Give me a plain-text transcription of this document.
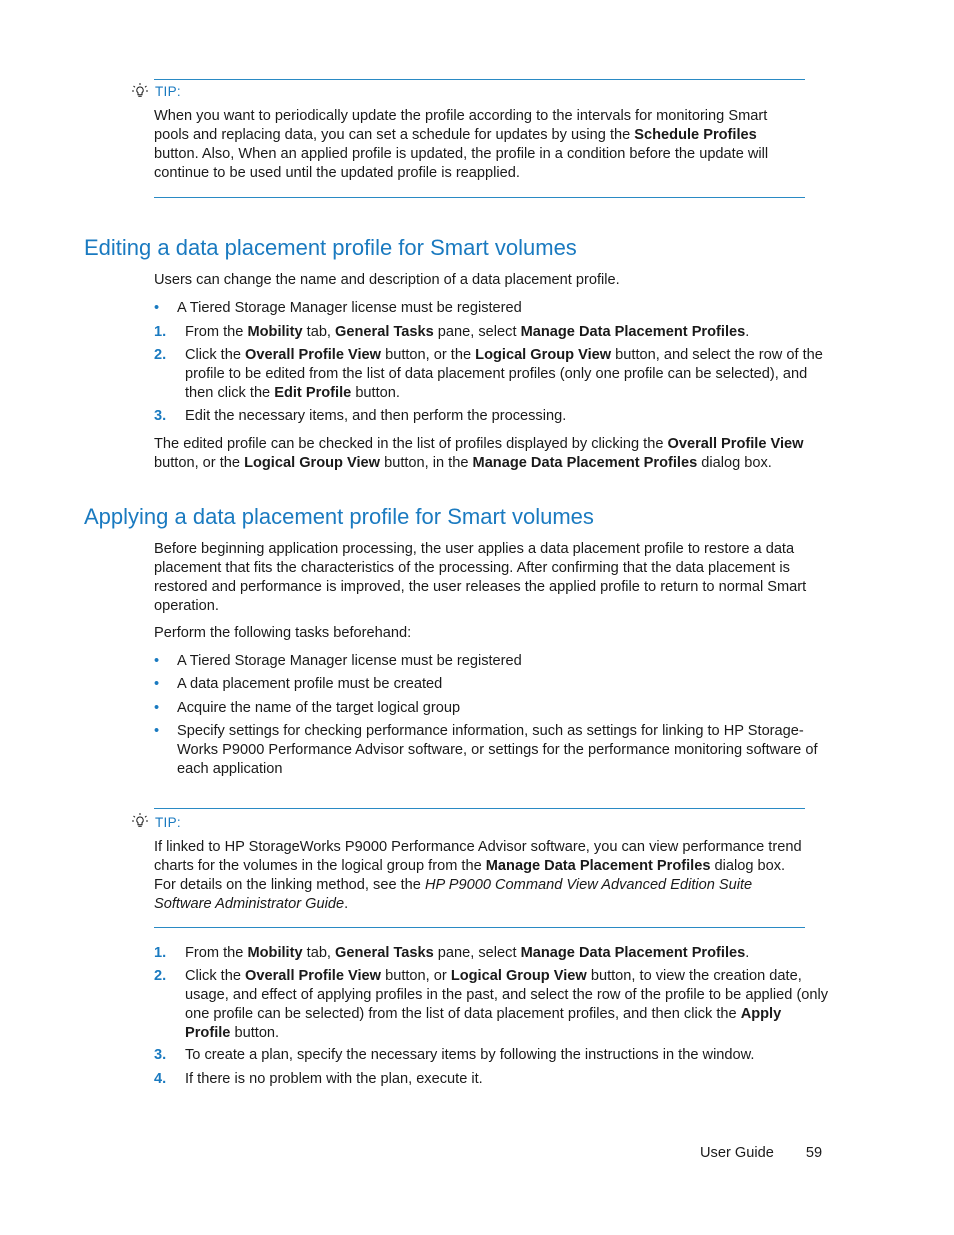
TIP:
When you want to periodically update the profile according to the intervals for monitoring Smart pools and replacing data, you can set a schedule for updates by using the Schedule Profiles button. Also, When an applied profile is updated, the profile in a condition before the update will continue to be used until the updated profile is reapplied.
Editing a data placement profile for Smart volumes

Users can change the name and description of a data placement profile.

• A Tiered Storage Manager license must be registered
1. From the Mobility tab, General Tasks pane, select Manage Data Placement Profiles.
2. Click the Overall Profile View button, or the Logical Group View button, and select the row of the profile to be edited from the list of data placement profiles (only one profile can be selected), and then click the Edit Profile button.
3. Edit the necessary items, and then perform the processing.

The edited profile can be checked in the list of profiles displayed by clicking the Overall Profile View button, or the Logical Group View button, in the Manage Data Placement Profiles dialog box.

Applying a data placement profile for Smart volumes

Before beginning application processing, the user applies a data placement profile to restore a data placement that fits the characteristics of the processing. After confirming that the data placement is restored and performance is improved, the user releases the applied profile to return to normal Smart operation.

Perform the following tasks beforehand:

• A Tiered Storage Manager license must be registered
• A data placement profile must be created
• Acquire the name of the target logical group
• Specify settings for checking performance information, such as settings for linking to HP Storage-Works P9000 Performance Advisor software, or settings for the performance monitoring software of each application
TIP:
If linked to HP StorageWorks P9000 Performance Advisor software, you can view performance trend charts for the volumes in the logical group from the Manage Data Placement Profiles dialog box. For details on the linking method, see the HP P9000 Command View Advanced Edition Suite Software Administrator Guide.
1. From the Mobility tab, General Tasks pane, select Manage Data Placement Profiles.
2. Click the Overall Profile View button, or Logical Group View button, to view the creation date, usage, and effect of applying profiles in the past, and select the row of the profile to be applied (only one profile can be selected) from the list of data placement profiles, and then click the Apply Profile button.
3. To create a plan, specify the necessary items by following the instructions in the window.
4. If there is no problem with the plan, execute it.
User Guide 59
